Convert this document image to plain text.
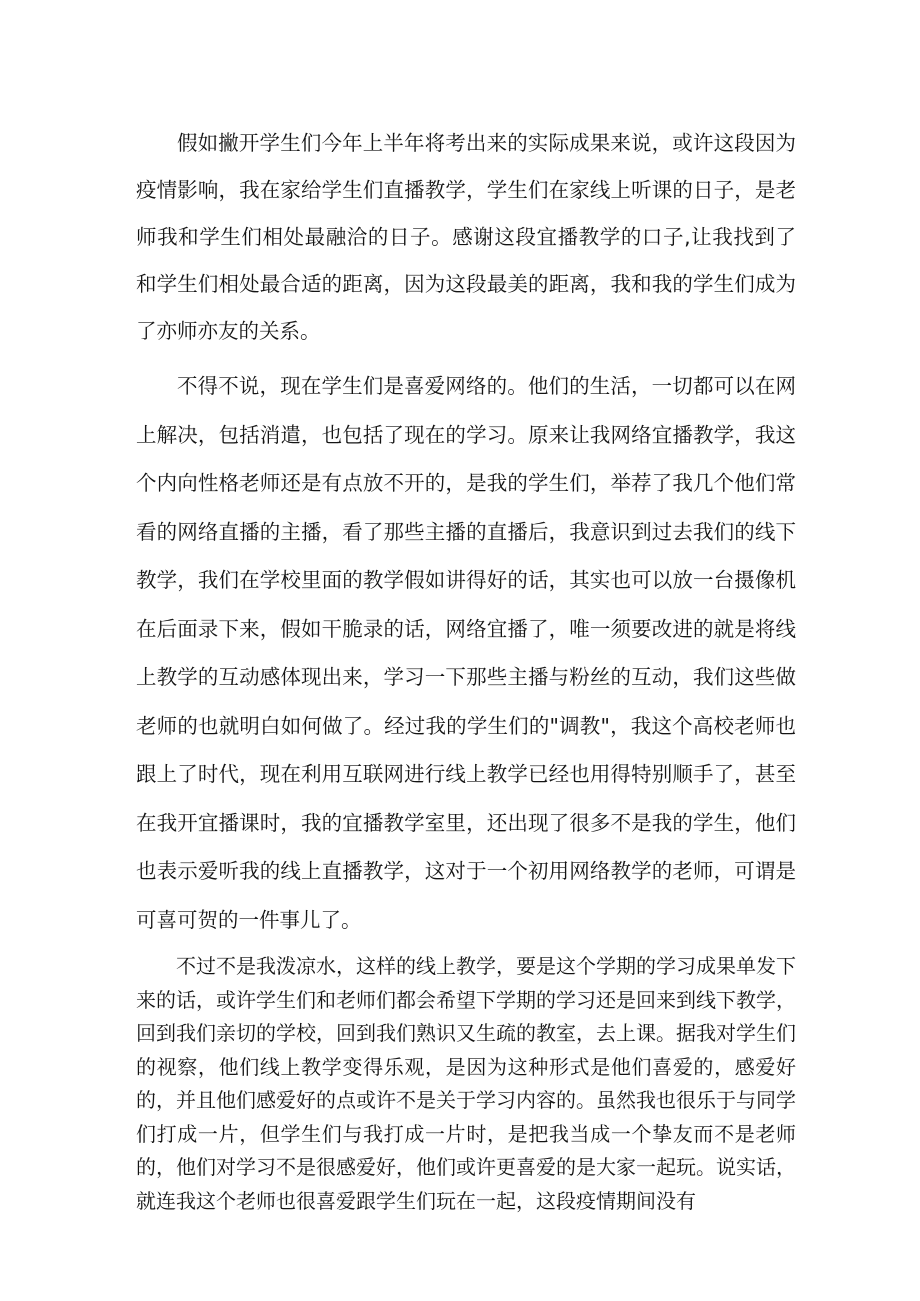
假如撇开学生们今年上半年将考出来的实际成果来说，或许这段因为疫情影响，我在家给学生们直播教学，学生们在家线上听课的日子，是老师我和学生们相处最融洽的日子。感谢这段宜播教学的口子,让我找到了和学生们相处最合适的距离，因为这段最美的距离，我和我的学生们成为了亦师亦友的关系。

不得不说，现在学生们是喜爱网络的。他们的生活，一切都可以在网上解决，包括消遣，也包括了现在的学习。原来让我网络宜播教学，我这个内向性格老师还是有点放不开的，是我的学生们，举荐了我几个他们常看的网络直播的主播，看了那些主播的直播后，我意识到过去我们的线下教学，我们在学校里面的教学假如讲得好的话，其实也可以放一台摄像机在后面录下来，假如干脆录的话，网络宜播了，唯一须要改进的就是将线上教学的互动感体现出来，学习一下那些主播与粉丝的互动，我们这些做老师的也就明白如何做了。经过我的学生们的"调教"，我这个高校老师也跟上了时代，现在利用互联网进行线上教学已经也用得特别顺手了，甚至在我开宜播课时，我的宜播教学室里，还出现了很多不是我的学生，他们也表示爱听我的线上直播教学，这对于一个初用网络教学的老师，可谓是可喜可贺的一件事儿了。

不过不是我泼凉水，这样的线上教学，要是这个学期的学习成果单发下来的话，或许学生们和老师们都会希望下学期的学习还是回来到线下教学，回到我们亲切的学校，回到我们熟识又生疏的教室，去上课。据我对学生们的视察，他们线上教学变得乐观，是因为这种形式是他们喜爱的，感爱好的，并且他们感爱好的点或许不是关于学习内容的。虽然我也很乐于与同学们打成一片，但学生们与我打成一片时，是把我当成一个挚友而不是老师的，他们对学习不是很感爱好，他们或许更喜爱的是大家一起玩。说实话，就连我这个老师也很喜爱跟学生们玩在一起，这段疫情期间没有
